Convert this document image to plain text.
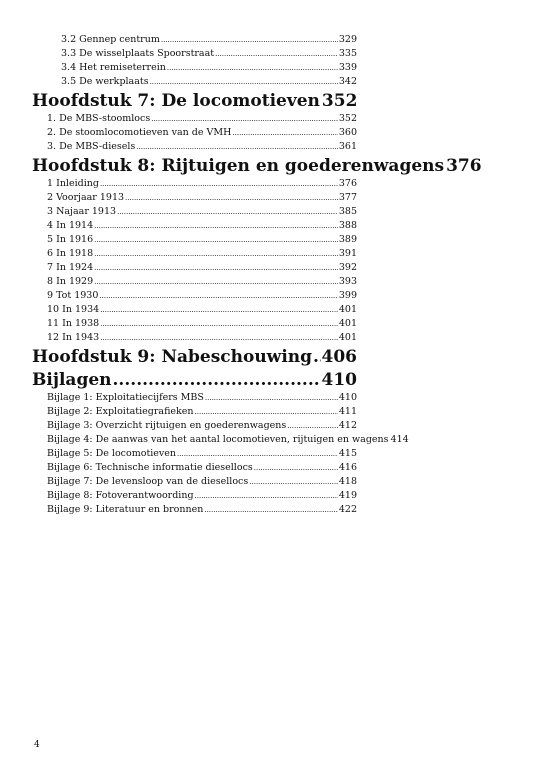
3.2 Gennep centrum .....	329
3.3 De wisselplaats Spoorstraat .....	335
3.4 Het remiseterrein .....	339
3.5 De werkplaats .....	342
Hoofdstuk 7: De locomotieven 352
1. De MBS-stoomlocs .....	352
2. De stoomlocomotieven van de VMH .....	360
3. De MBS-diesels .....	361
Hoofdstuk 8: Rijtuigen en goederenwagens 376
1 Inleiding .....	376
2 Voorjaar 1913 .....	377
3 Najaar 1913 .....	385
4 In 1914 .....	388
5 In 1916 .....	389
6 In 1918 .....	391
7 In 1924 .....	392
8 In 1929 .....	393
9 Tot 1930 .....	399
10 In 1934 .....	401
11 In 1938 .....	401
12 In 1943 .....	401
Hoofdstuk 9: Nabeschouwing ..... 406
Bijlagen .....	410
Bijlage 1: Exploitatiecijfers MBS .....	410
Bijlage 2: Exploitatiegrafieken .....	411
Bijlage 3: Overzicht rijtuigen en goederenwagens .....	412
Bijlage 4: De aanwas van het aantal locomotieven, rijtuigen en wagens 414
Bijlage 5: De locomotieven .....	415
Bijlage 6: Technische informatie diesellocs .....	416
Bijlage 7: De levensloop van de diesellocs .....	418
Bijlage 8: Fotoverantwoording .....	419
Bijlage 9: Literatuur en bronnen .....	422
4
